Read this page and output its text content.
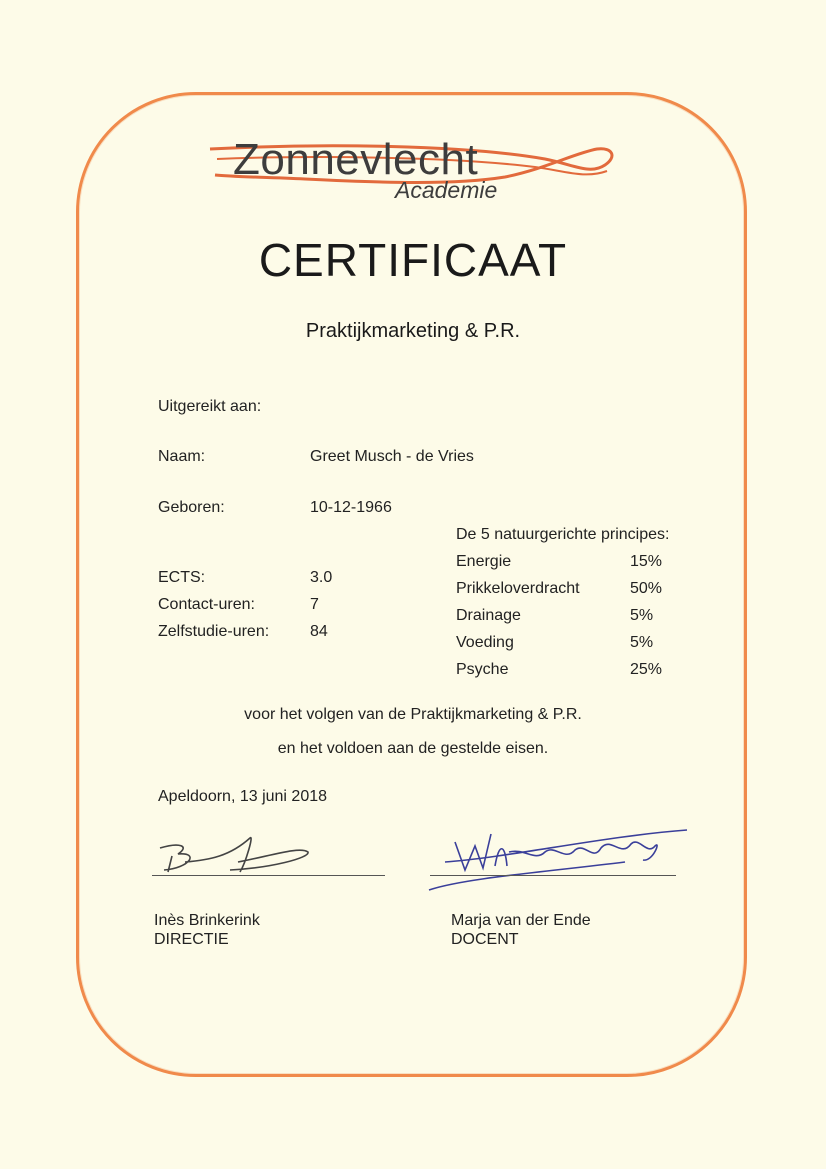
Zonnevlecht
Academie
CERTIFICAAT
Praktijkmarketing & P.R.
Uitgereikt aan:
Naam:	Greet Musch - de Vries
Geboren:	10-12-1966
ECTS:	3.0
Contact-uren:	7
Zelfstudie-uren:	84
De 5 natuurgerichte principes:
Energie	15%
Prikkeloverdracht	50%
Drainage	5%
Voeding	5%
Psyche	25%
voor het volgen van de Praktijkmarketing & P.R.
en het voldoen aan de gestelde eisen.
Apeldoorn, 13 juni 2018
Inès Brinkerink
DIRECTIE
Marja van der Ende
DOCENT
